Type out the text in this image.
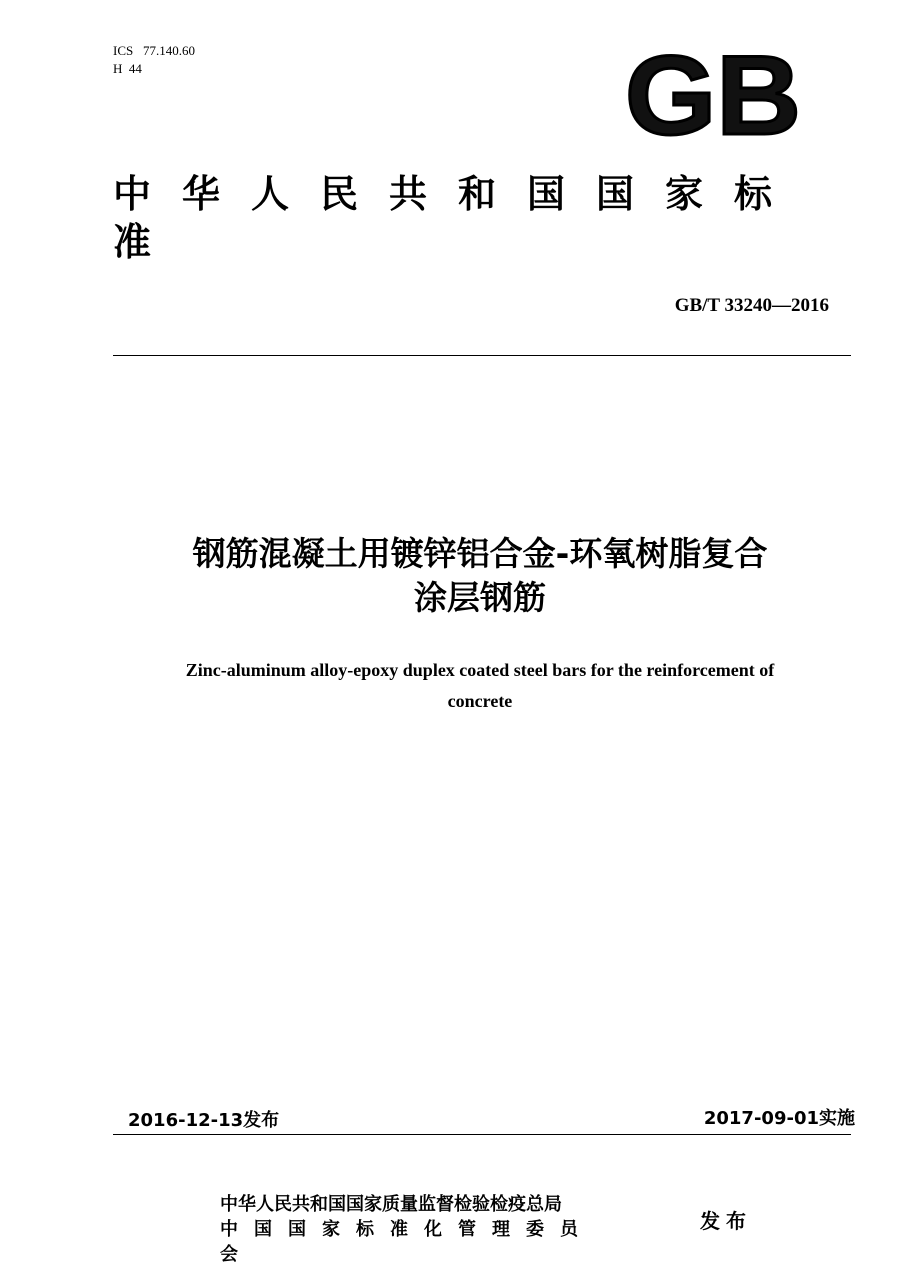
ICS   77.140.60
H  44	GB
中华人民共和国国家标准
GB/T 33240—2016
钢筋混凝土用镀锌铝合金-环氧树脂复合
涂层钢筋
Zinc-aluminum alloy-epoxy duplex coated steel bars for the reinforcement of
concrete
2016-12-13发布	2017-09-01实施
中华人民共和国国家质量监督检验检疫总局
中国国家标准化管理委员
会
发布
